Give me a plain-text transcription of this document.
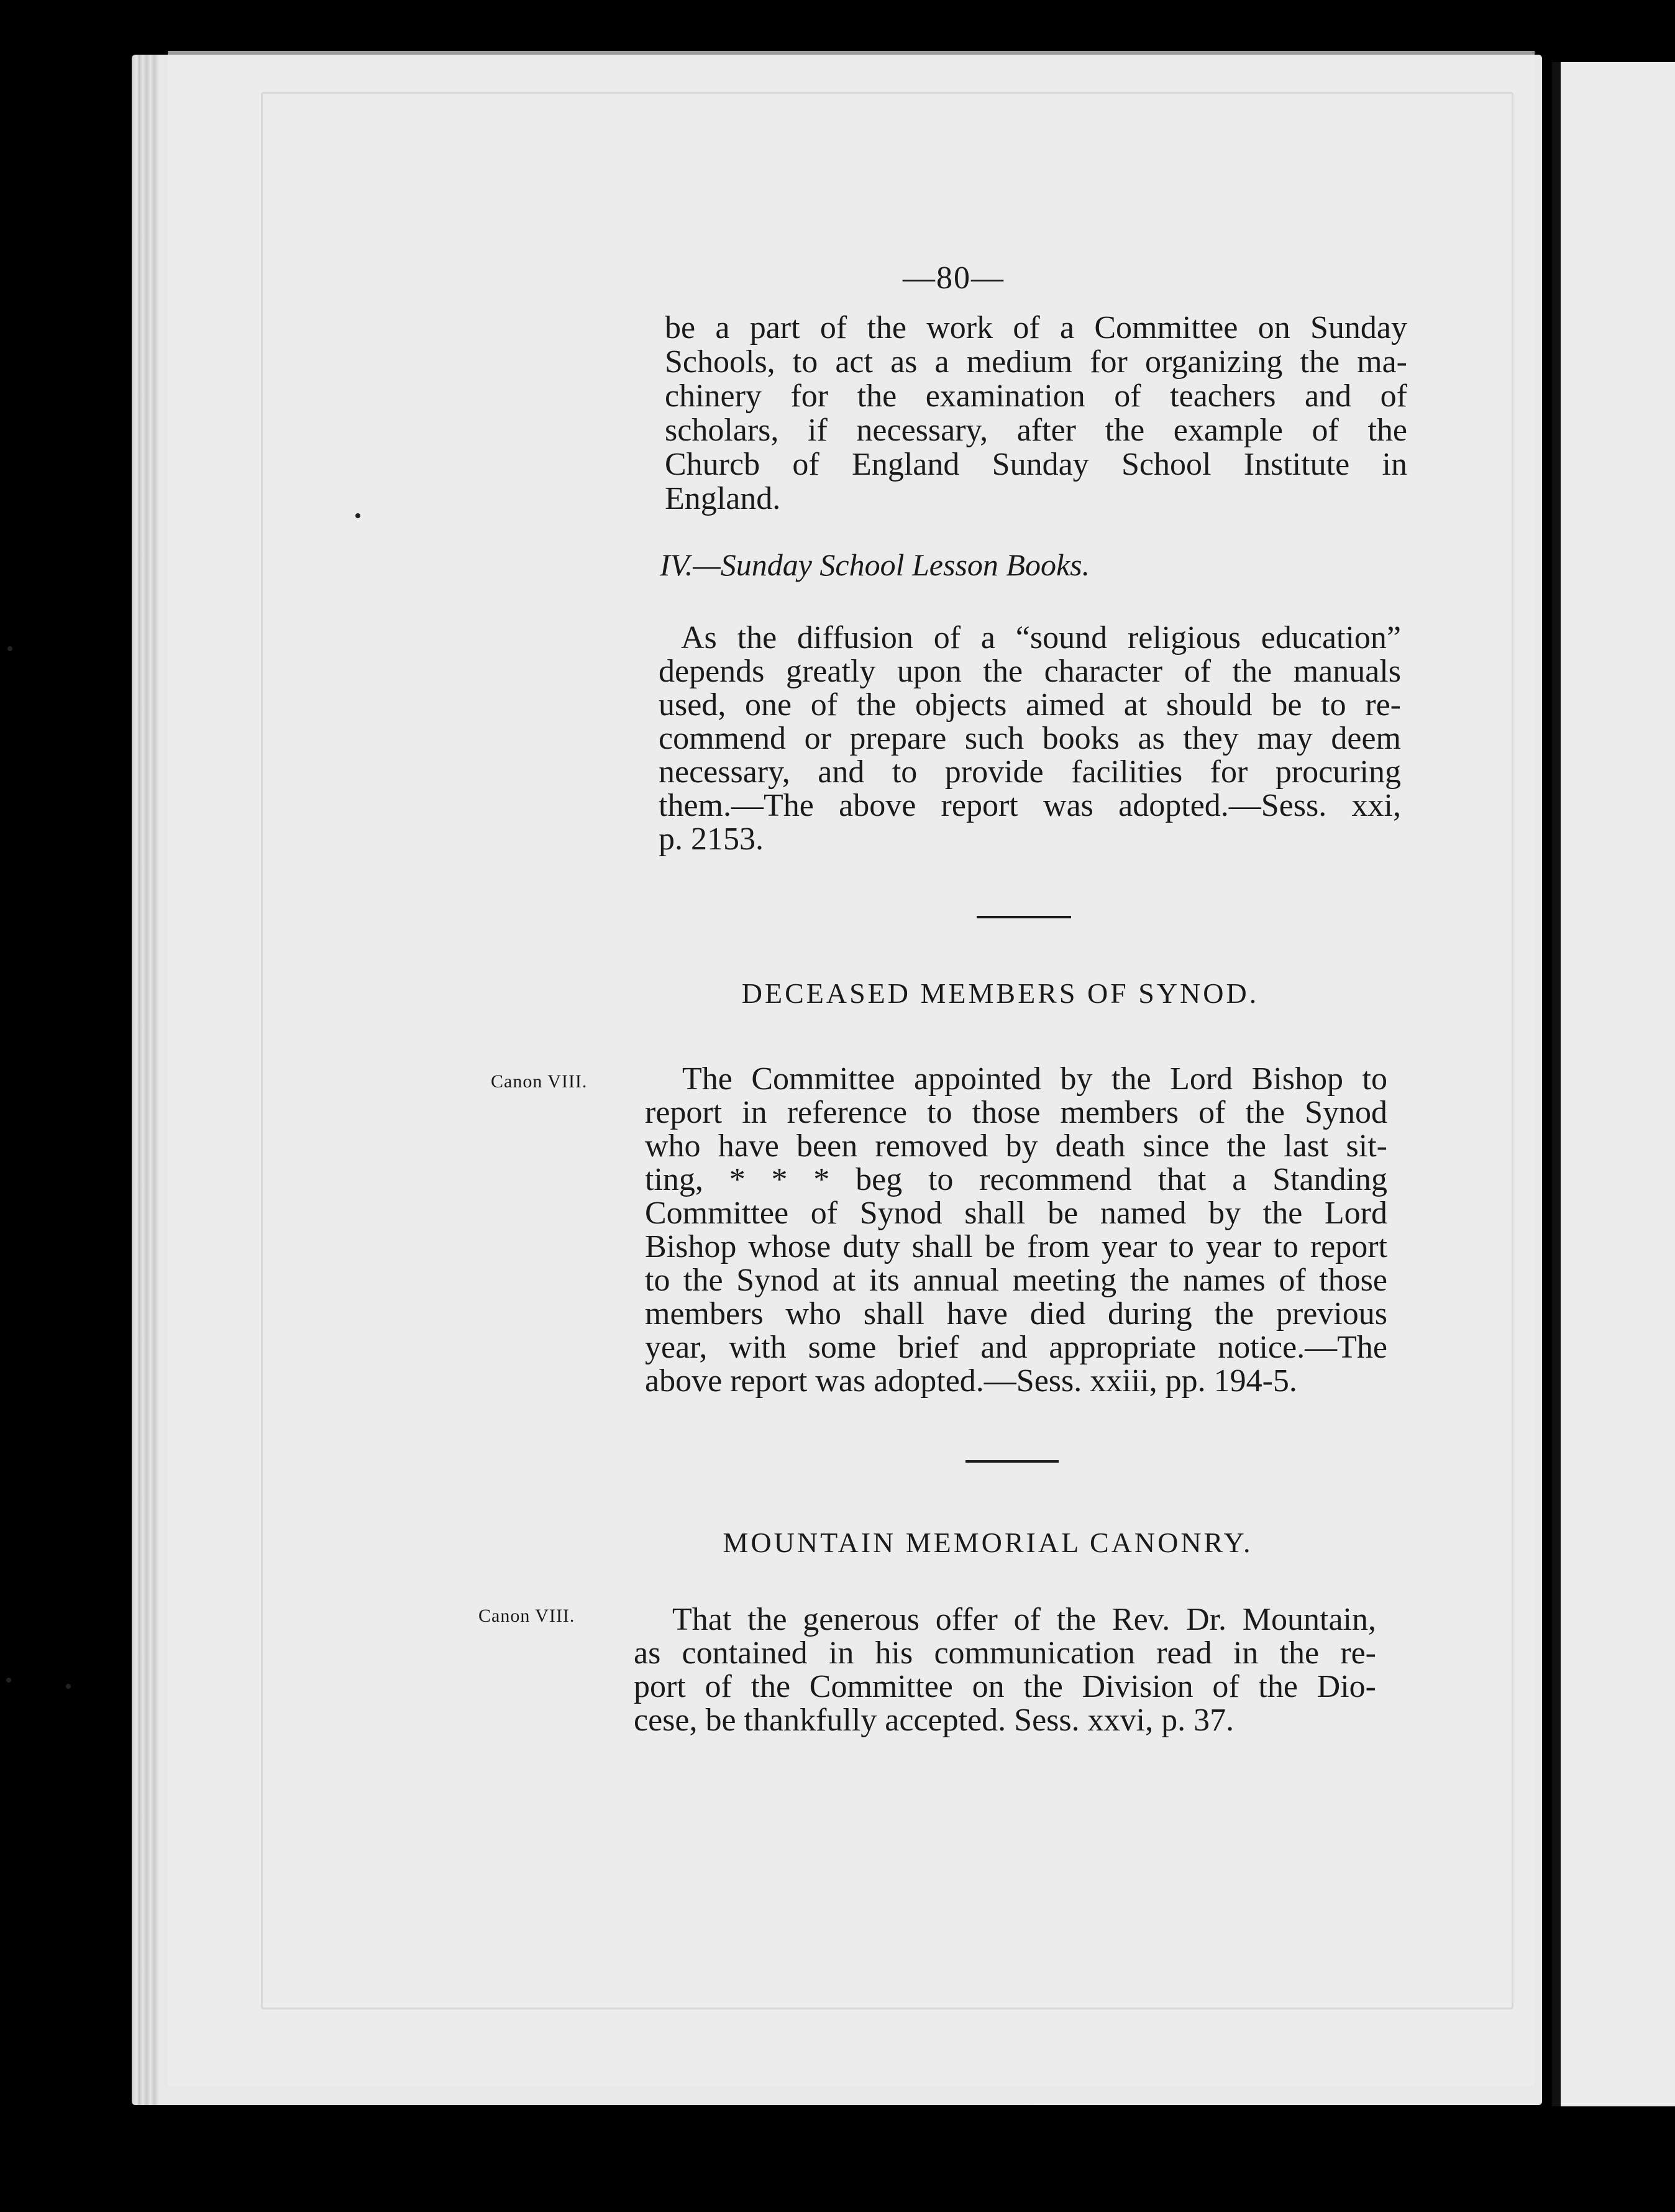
—80—
be a part of the work of a Committee on Sunday
Schools, to act as a medium for organizing the ma-
chinery for the examination of teachers and of
scholars, if necessary, after the example of the
Churcb of England Sunday School Institute in
England.
IV.—Sunday School Lesson Books.
As the diffusion of a “sound religious education”
depends greatly upon the character of the manuals
used, one of the objects aimed at should be to re-
commend or prepare such books as they may deem
necessary, and to provide facilities for procuring
them.—The above report was adopted.—Sess. xxi,
p. 2153.
DECEASED MEMBERS OF SYNOD.
Canon VIII.	The Committee appointed by the Lord Bishop to
report in reference to those members of the Synod
who have been removed by death since the last sit-
ting, * * * beg to recommend that a Standing
Committee of Synod shall be named by the Lord
Bishop whose duty shall be from year to year to report
to the Synod at its annual meeting the names of those
members who shall have died during the previous
year, with some brief and appropriate notice.—The
above report was adopted.—Sess. xxiii, pp. 194-5.
MOUNTAIN MEMORIAL CANONRY.
Canon VIII.	That the generous offer of the Rev. Dr. Mountain,
as contained in his communication read in the re-
port of the Committee on the Division of the Dio-
cese, be thankfully accepted. Sess. xxvi, p. 37.
